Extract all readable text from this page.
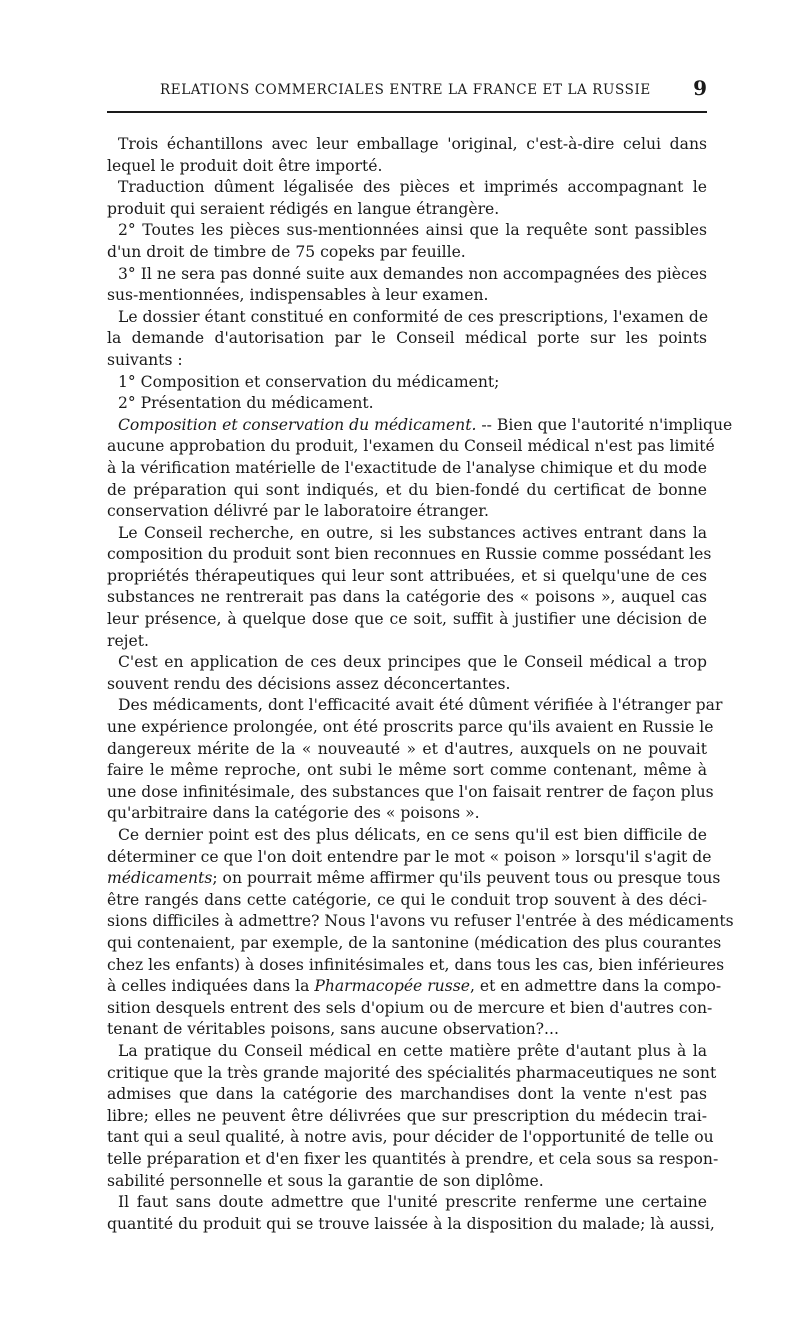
RELATIONS COMMERCIALES ENTRE LA FRANCE ET LA RUSSIE 9
Trois échantillons avec leur emballage 'original, c'est-à-dire celui dans
lequel le produit doit être importé.
Traduction dûment légalisée des pièces et imprimés accompagnant le
produit qui seraient rédigés en langue étrangère.
2° Toutes les pièces sus-mentionnées ainsi que la requête sont passibles
d'un droit de timbre de 75 copeks par feuille.
3° Il ne sera pas donné suite aux demandes non accompagnées des pièces
sus-mentionnées, indispensables à leur examen.
Le dossier étant constitué en conformité de ces prescriptions, l'examen de
la demande d'autorisation par le Conseil médical porte sur les points
suivants :
1° Composition et conservation du médicament;
2° Présentation du médicament.
Composition et conservation du médicament. -- Bien que l'autorité n'implique
aucune approbation du produit, l'examen du Conseil médical n'est pas limité
à la vérification matérielle de l'exactitude de l'analyse chimique et du mode
de préparation qui sont indiqués, et du bien-fondé du certificat de bonne
conservation délivré par le laboratoire étranger.
Le Conseil recherche, en outre, si les substances actives entrant dans la
composition du produit sont bien reconnues en Russie comme possédant les
propriétés thérapeutiques qui leur sont attribuées, et si quelqu'une de ces
substances ne rentrerait pas dans la catégorie des « poisons », auquel cas
leur présence, à quelque dose que ce soit, suffit à justifier une décision de
rejet.
C'est en application de ces deux principes que le Conseil médical a trop
souvent rendu des décisions assez déconcertantes.
Des médicaments, dont l'efficacité avait été dûment vérifiée à l'étranger par
une expérience prolongée, ont été proscrits parce qu'ils avaient en Russie le
dangereux mérite de la « nouveauté » et d'autres, auxquels on ne pouvait
faire le même reproche, ont subi le même sort comme contenant, même à
une dose infinitésimale, des substances que l'on faisait rentrer de façon plus
qu'arbitraire dans la catégorie des « poisons ».
Ce dernier point est des plus délicats, en ce sens qu'il est bien difficile de
déterminer ce que l'on doit entendre par le mot « poison » lorsqu'il s'agit de
médicaments; on pourrait même affirmer qu'ils peuvent tous ou presque tous
être rangés dans cette catégorie, ce qui le conduit trop souvent à des déci-
sions difficiles à admettre? Nous l'avons vu refuser l'entrée à des médicaments
qui contenaient, par exemple, de la santonine (médication des plus courantes
chez les enfants) à doses infinitésimales et, dans tous les cas, bien inférieures
à celles indiquées dans la Pharmacopée russe, et en admettre dans la compo-
sition desquels entrent des sels d'opium ou de mercure et bien d'autres con-
tenant de véritables poisons, sans aucune observation?...
La pratique du Conseil médical en cette matière prête d'autant plus à la
critique que la très grande majorité des spécialités pharmaceutiques ne sont
admises que dans la catégorie des marchandises dont la vente n'est pas
libre; elles ne peuvent être délivrées que sur prescription du médecin trai-
tant qui a seul qualité, à notre avis, pour décider de l'opportunité de telle ou
telle préparation et d'en fixer les quantités à prendre, et cela sous sa respon-
sabilité personnelle et sous la garantie de son diplôme.
Il faut sans doute admettre que l'unité prescrite renferme une certaine
quantité du produit qui se trouve laissée à la disposition du malade; là aussi,
